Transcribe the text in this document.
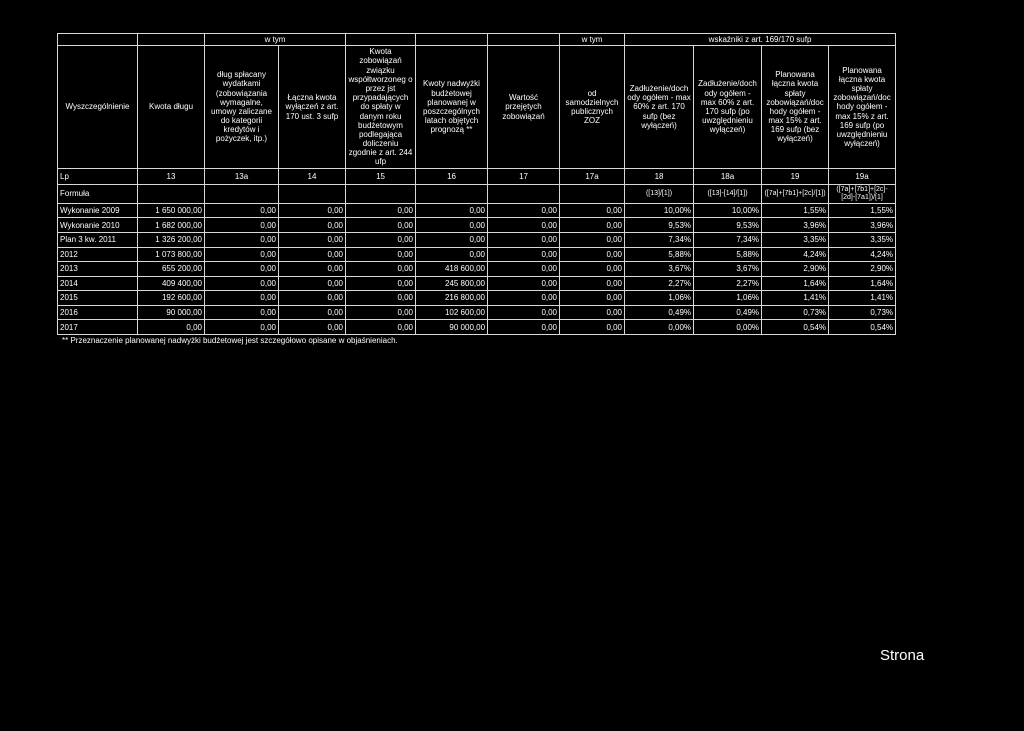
		w tym					w tym	wskaźniki z art. 169/170 sufp			
Wyszczególnienie	Kwota długu	dług spłacany wydatkami (zobowiązania wymagalne, umowy zaliczane do kategorii kredytów i pożyczek, itp.)	Łączna kwota wyłączeń z art. 170 ust. 3 sufp	Kwota zobowiązań związku współtworzoneg o przez jst przypadających do spłaty w danym roku budżetowym podlegająca doliczeniu zgodnie z art. 244 ufp	Kwoty nadwyżki budżetowej planowanej w poszczególnych latach objętych prognozą **	Wartość przejętych zobowiązań	od samodzielnych publicznych ZOZ	Zadłużenie/doch ody ogółem - max 60% z art. 170 sufp (bez wyłączeń)	Zadłużenie/doch ody ogółem - max 60% z art. 170 sufp (po uwzględnieniu wyłączeń)	Planowana łączna kwota spłaty zobowiązań/doc hody ogółem - max 15% z art. 169 sufp (bez wyłączeń)	Planowana łączna kwota spłaty zobowiązań/doc hody ogółem - max 15% z art. 169 sufp (po uwzględnieniu wyłączeń)
Lp	13	13a	14	15	16	17	17a	18	18a	19	19a
Formuła								([13]/[1])	([13]-[14]/[1])	([7a]+[7b1]+[2c]/[1])	([7a]+[7b1]+[2c]-[2d]-[7a1])/[1]
Wykonanie 2009	1 650 000,00	0,00	0,00	0,00	0,00	0,00	0,00	10,00%	10,00%	1,55%	1,55%
Wykonanie 2010	1 682 000,00	0,00	0,00	0,00	0,00	0,00	0,00	9,53%	9,53%	3,96%	3,96%
Plan 3 kw. 2011	1 326 200,00	0,00	0,00	0,00	0,00	0,00	0,00	7,34%	7,34%	3,35%	3,35%
2012	1 073 800,00	0,00	0,00	0,00	0,00	0,00	0,00	5,88%	5,88%	4,24%	4,24%
2013	655 200,00	0,00	0,00	0,00	418 600,00	0,00	0,00	3,67%	3,67%	2,90%	2,90%
2014	409 400,00	0,00	0,00	0,00	245 800,00	0,00	0,00	2,27%	2,27%	1,64%	1,64%
2015	192 600,00	0,00	0,00	0,00	216 800,00	0,00	0,00	1,06%	1,06%	1,41%	1,41%
2016	90 000,00	0,00	0,00	0,00	102 600,00	0,00	0,00	0,49%	0,49%	0,73%	0,73%
2017	0,00	0,00	0,00	0,00	90 000,00	0,00	0,00	0,00%	0,00%	0,54%	0,54%
** Przeznaczenie planowanej nadwyżki budżetowej jest szczegółowo opisane w objaśnieniach.
Strona
